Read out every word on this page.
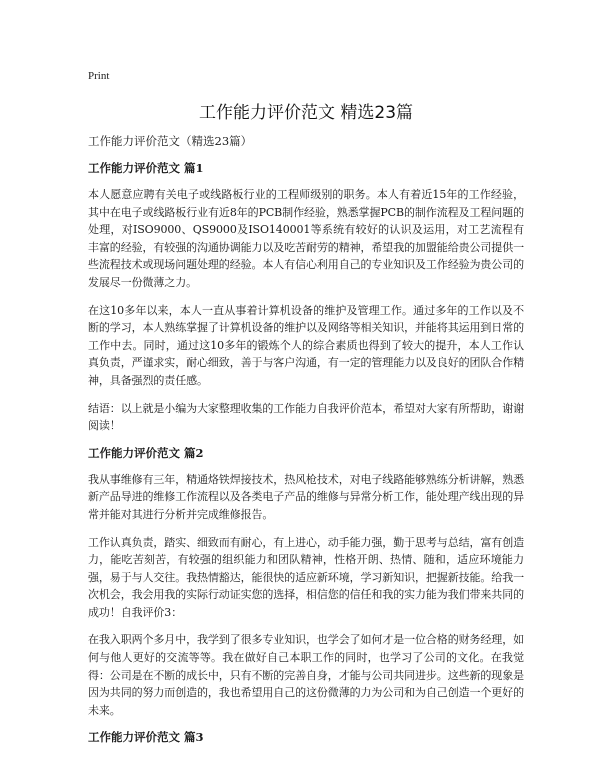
Print
工作能力评价范文 精选23篇

工作能力评价范文（精选23篇）

工作能力评价范文 篇1

本人愿意应聘有关电子或线路板行业的工程师级别的职务。本人有着近15年的工作经验，其中在电子或线路板行业有近8年的PCB制作经验，熟悉掌握PCB的制作流程及工程问题的处理，对ISO9000、QS9000及ISO140001等系统有较好的认识及运用，对工艺流程有丰富的经验，有较强的沟通协调能力以及吃苦耐劳的精神，希望我的加盟能给贵公司提供一些流程技术或现场问题处理的经验。本人有信心利用自己的专业知识及工作经验为贵公司的发展尽一份微薄之力。

在这10多年以来，本人一直从事着计算机设备的维护及管理工作。通过多年的工作以及不断的学习，本人熟练掌握了计算机设备的维护以及网络等相关知识，并能将其运用到日常的工作中去。同时，通过这10多年的锻炼个人的综合素质也得到了较大的提升，本人工作认真负责，严谨求实，耐心细致，善于与客户沟通，有一定的管理能力以及良好的团队合作精神，具备强烈的责任感。

结语：以上就是小编为大家整理收集的工作能力自我评价范本，希望对大家有所帮助，谢谢阅读！

工作能力评价范文 篇2

我从事维修有三年，精通烙铁焊接技术，热风枪技术，对电子线路能够熟练分析讲解，熟悉新产品导进的维修工作流程以及各类电子产品的维修与异常分析工作，能处理产线出现的异常并能对其进行分析并完成维修报告。

工作认真负责，踏实、细致而有耐心，有上进心，动手能力强，勤于思考与总结，富有创造力，能吃苦刻苦，有较强的组织能力和团队精神，性格开朗、热情、随和，适应环境能力强，易于与人交往。我热情豁达，能很快的适应新环境，学习新知识，把握新技能。给我一次机会，我会用我的实际行动证实您的选择，相信您的信任和我的实力能为我们带来共同的成功！自我评价3：

在我入职两个多月中，我学到了很多专业知识，也学会了如何才是一位合格的财务经理，如何与他人更好的交流等等。我在做好自己本职工作的同时，也学习了公司的文化。在我觉得：公司是在不断的成长中，只有不断的完善自身，才能与公司共同进步。这些新的现象是因为共同的努力而创造的，我也希望用自己的这份微薄的力为公司和为自己创造一个更好的未来。

工作能力评价范文 篇3
